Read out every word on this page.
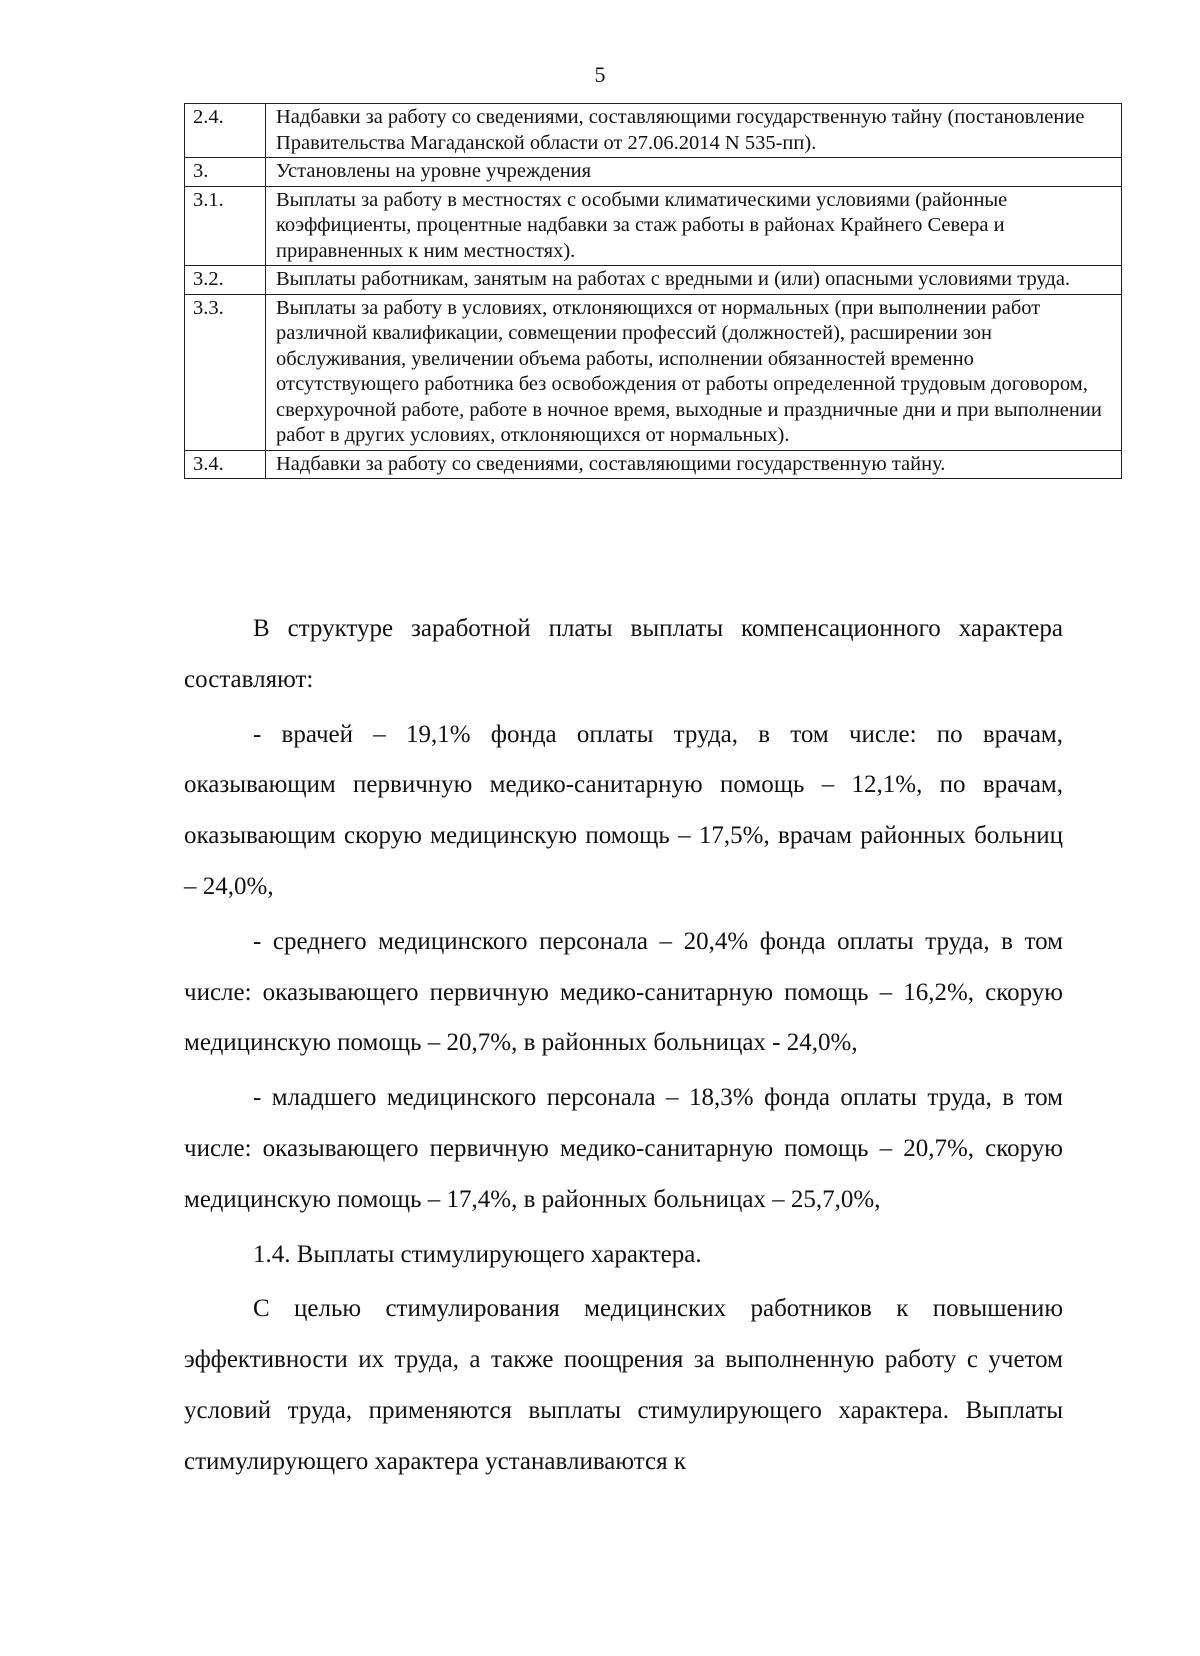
5
2.4.	Надбавки за работу со сведениями, составляющими государственную тайну (постановление Правительства Магаданской области от 27.06.2014 N 535-пп).
3.	Установлены на уровне учреждения
3.1.	Выплаты за работу в местностях с особыми климатическими условиями (районные коэффициенты, процентные надбавки за стаж работы в районах Крайнего Севера и приравненных к ним местностях).
3.2.	Выплаты работникам, занятым на работах с вредными и (или) опасными условиями труда.
3.3.	Выплаты за работу в условиях, отклоняющихся от нормальных (при выполнении работ различной квалификации, совмещении профессий (должностей), расширении зон обслуживания, увеличении объема работы, исполнении обязанностей временно отсутствующего работника без освобождения от работы определенной трудовым договором, сверхурочной работе, работе в ночное время, выходные и праздничные дни и при выполнении работ в других условиях, отклоняющихся от нормальных).
3.4.	Надбавки за работу со сведениями, составляющими государственную тайну.

В структуре заработной платы выплаты компенсационного характера составляют:

- врачей – 19,1% фонда оплаты труда, в том числе: по врачам, оказывающим первичную медико-санитарную помощь – 12,1%, по врачам, оказывающим скорую медицинскую помощь – 17,5%, врачам районных больниц – 24,0%,

- среднего медицинского персонала – 20,4% фонда оплаты труда, в том числе: оказывающего первичную медико-санитарную помощь – 16,2%, скорую медицинскую помощь – 20,7%, в районных больницах - 24,0%,

- младшего медицинского персонала – 18,3% фонда оплаты труда, в том числе: оказывающего первичную медико-санитарную помощь – 20,7%, скорую медицинскую помощь – 17,4%, в районных больницах – 25,7,0%,

1.4. Выплаты стимулирующего характера.

С целью стимулирования медицинских работников к повышению эффективности их труда, а также поощрения за выполненную работу с учетом условий труда, применяются выплаты стимулирующего характера. Выплаты стимулирующего характера устанавливаются к
